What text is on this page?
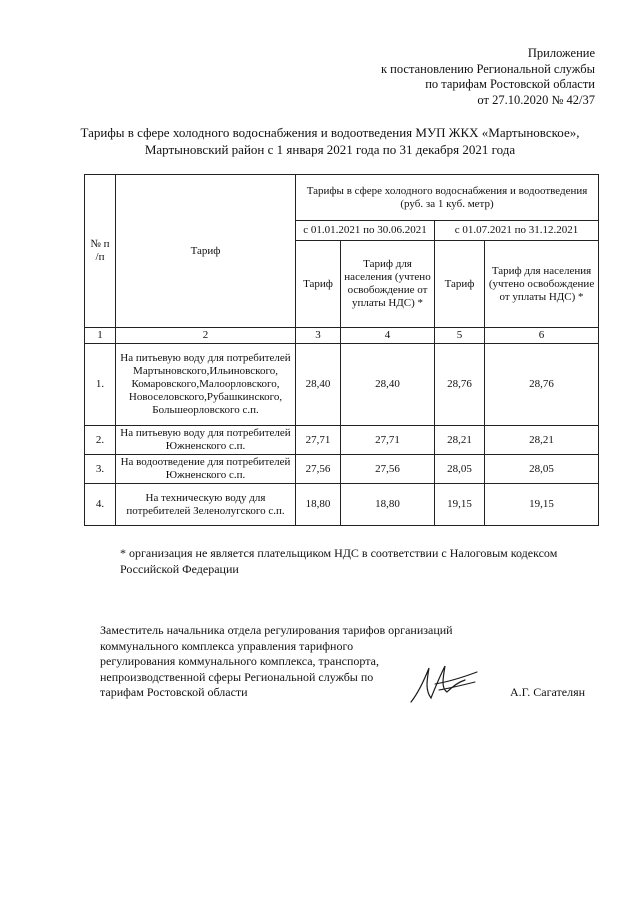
Приложение
к постановлению Региональной службы
по тарифам Ростовской области
от 27.10.2020 № 42/37
Тарифы в сфере холодного водоснабжения и водоотведения МУП ЖКХ «Мартыновское»,
Мартыновский район с 1 января 2021 года по 31 декабря 2021 года
№ п /п	Тариф	Тарифы в сфере холодного водоснабжения и водоотведения
(руб. за 1 куб. метр)			

		с 01.01.2021 по 30.06.2021		с 01.07.2021 по 31.12.2021	
		Тариф	Тариф для населения (учтено освобождение от уплаты НДС) *	Тариф	Тариф для населения (учтено освобождение от уплаты НДС) *
1	2	3	4	5	6
1.	На питьевую воду для потребителей Мартыновского,Ильиновского, Комаровского,Малоорловского, Новоселовского,Рубашкинского, Большеорловского с.п.	28,40	28,40	28,76	28,76
2.	На питьевую воду для потребителей Южненского с.п.	27,71	27,71	28,21	28,21
3.	На водоотведение для потребителей Южненского с.п.	27,56	27,56	28,05	28,05
4.	На техническую воду для потребителей Зеленолугского с.п.	18,80	18,80	19,15	19,15
* организация не является плательщиком НДС в соответствии с Налоговым кодексом
Российской Федерации
Заместитель начальника отдела регулирования тарифов организаций
коммунального комплекса управления тарифного
регулирования коммунального комплекса, транспорта,
непроизводственной сферы Региональной службы по
тарифам Ростовской области	А.Г. Сагателян
